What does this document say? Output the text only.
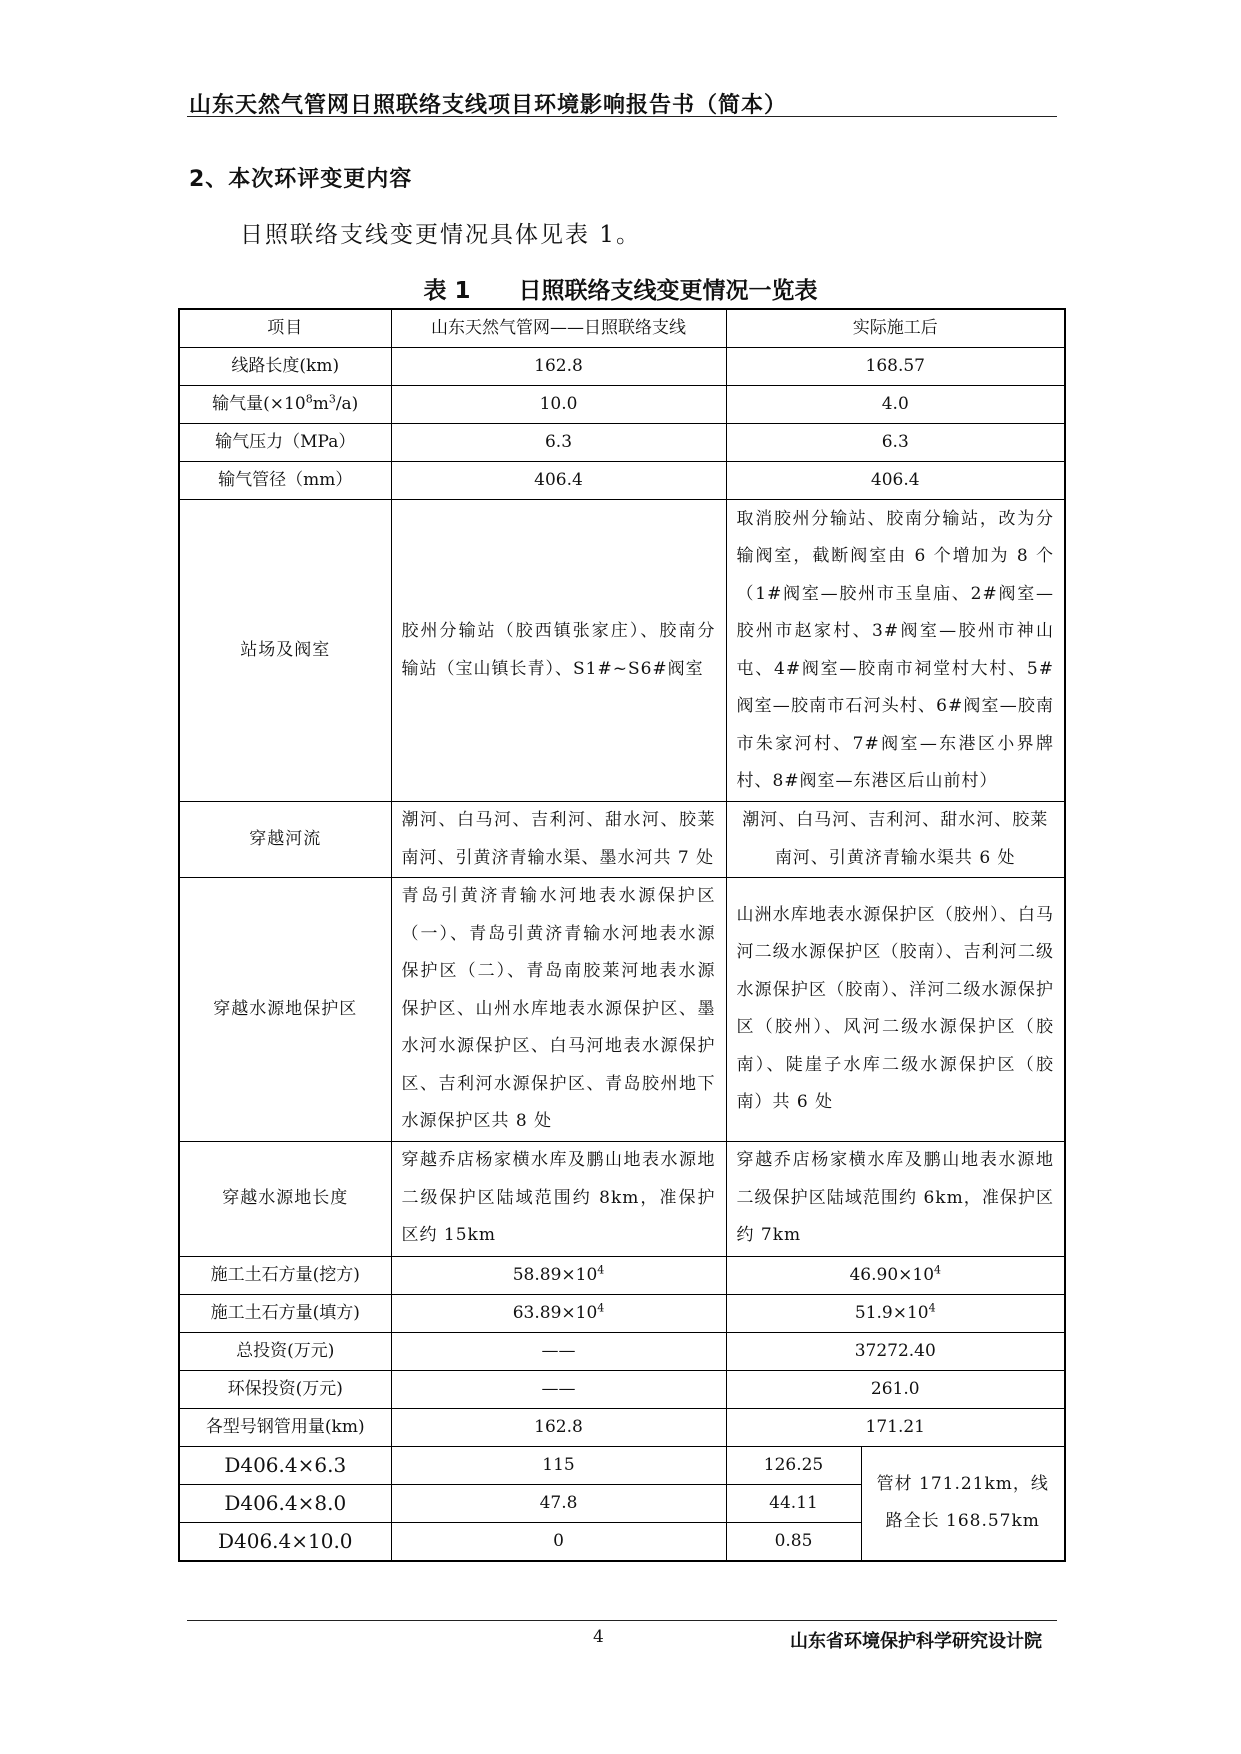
山东天然气管网日照联络支线项目环境影响报告书（简本）
2、本次环评变更内容
日照联络支线变更情况具体见表 1。
表 1 日照联络支线变更情况一览表
项目	山东天然气管网——日照联络支线	实际施工后	
线路长度(km)	162.8	168.57	
输气量$(\times 10^8m^3/a)$	10.0	4.0	
输气压力（MPa）	6.3	6.3	
输气管径（mm）	406.4	406.4	
站场及阀室	胶州分输站（胶西镇张家庄）、胶南分输站（宝山镇长青）、S1#~S6#阀室	取消胶州分输站、胶南分输站，改为分输阀室，截断阀室由 6 个增加为 8 个（1#阀室—胶州市玉皇庙、2#阀室—胶州市赵家村、3#阀室—胶州市神山屯、4#阀室—胶南市祠堂村大村、5#阀室—胶南市石河头村、6#阀室—胶南市朱家河村、7#阀室—东港区小界牌村、8#阀室—东港区后山前村）	
穿越河流	潮河、白马河、吉利河、甜水河、胶莱南河、引黄济青输水渠、墨水河共 7 处	潮河、白马河、吉利河、甜水河、胶莱南河、引黄济青输水渠共 6 处	
穿越水源地保护区	青岛引黄济青输水河地表水源保护区（一）、青岛引黄济青输水河地表水源保护区（二）、青岛南胶莱河地表水源保护区、山州水库地表水源保护区、墨水河水源保护区、白马河地表水源保护区、吉利河水源保护区、青岛胶州地下水源保护区共 8 处	山洲水库地表水源保护区（胶州）、白马河二级水源保护区（胶南）、吉利河二级水源保护区（胶南）、洋河二级水源保护区（胶州）、风河二级水源保护区（胶南）、陡崖子水库二级水源保护区（胶南）共 6 处	
穿越水源地长度	穿越乔店杨家横水库及鹏山地表水源地二级保护区陆域范围约 8km，准保护区约 15km	穿越乔店杨家横水库及鹏山地表水源地二级保护区陆域范围约 6km，准保护区约 7km	
施工土石方量(挖方)	$58.89\times 10^4$	$46.90\times 10^4$
施工土石方量(填方)	$63.89\times 10^4$	$51.9\times 10^4$
总投资(万元)	——	37272.40	
环保投资(万元)	——	261.0	
各型号钢管用量(km)	162.8	171.21	
D406.4×6.3	115	126.25	管材 171.21km，线路全长 168.57km
D406.4×8.0	47.8	44.11	
D406.4×10.0	0	0.85	
4	山东省环境保护科学研究设计院
